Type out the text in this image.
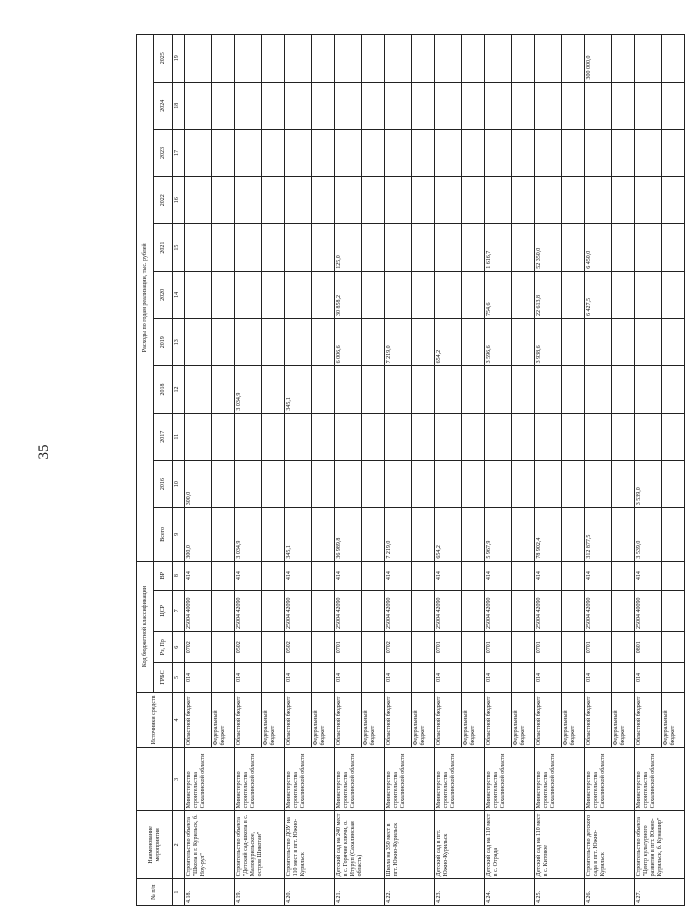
35
№ п/п	Наименование мероприятия		Источники средств	Код бюджетной классификации				Расходы по годам реализации, тыс. рублей										
				ГРБС	Рз, Пр	ЦСР	ВР	Всего	2016	2017	2018	2019	2020	2021	2022	2023	2024	2025
1	2	3	4	5	6	7	8	9	10	11	12	13	14	15	16	17	18	19
4.18.	Строительство объекта "Школа в г. Курильск, б. Ноу-рул"	Министерство строительства Сахалинской области	Областной бюджет	014	0702	25004 40090	414	300,0	300,0									
			Федеральный бюджет															
4.19.	Строительство объекта "Детский сад-школа в с. Малокурильское, остров Шикотан"	Министерство строительства Сахалинской области	Областной бюджет	014	0502	25004 42090	414	3 034,9			3 034,9							
			Федеральный бюджет															
4.20.	Строительство ДОУ на 110 мест в пгт. Южно-Курильск	Министерство строительства Сахалинской области	Областной бюджет	014	0502	25004 42090	414	345,1			345,1							
			Федеральный бюджет															
4.21.	Детский сад на 240 мест в с. Горячие ключи, о. Итуруп (Сахалинская область)	Министерство строительства Сахалинской области	Областной бюджет	014	0701	25004 42090	414	36 989,8				6 006,6	30 858,2	125,0				
			Федеральный бюджет															
4.22.	Школа на 350 мест в пгт. Южно-Курильск	Министерство строительства Сахалинской области	Областной бюджет	014	0702	25004 42090	414	7 219,0				7 219,0						
			Федеральный бюджет															
4.23.	Детский сад в пгт. Южно-Курильск	Министерство строительства Сахалинской области	Областной бюджет	014	0701	25004 42090	414	654,2				654,2						
			Федеральный бюджет															
4.24.	Детский сад на 110 мест в с. Отрада	Министерство строительства Сахалинской области	Областной бюджет	014	0701	25004 42090	414	5 967,9				3 596,6	754,6	1 616,7				
			Федеральный бюджет															
4.25.	Детский сад на 110 мест в с. Китовое	Министерство строительства Сахалинской области	Областной бюджет	014	0701	25004 42090	414	78 902,4				3 938,6	22 613,8	52 350,0				
			Федеральный бюджет															
4.26.	Строительство детского сада в пгт. Южно-Курильск	Министерство строительства Сахалинской области	Областной бюджет	014	0701	25004 42090	414	312 877,5					6 427,5	6 450,0				300 000,0
			Федеральный бюджет															
4.27.	Строительство объекта "Центр культурного развития в пгт. Южно-Курильск, б. Кунашир"	Министерство строительства Сахалинской области	Областной бюджет	014	0801	25004 40090	414	3 539,0	3 539,0									
			Федеральный бюджет															
